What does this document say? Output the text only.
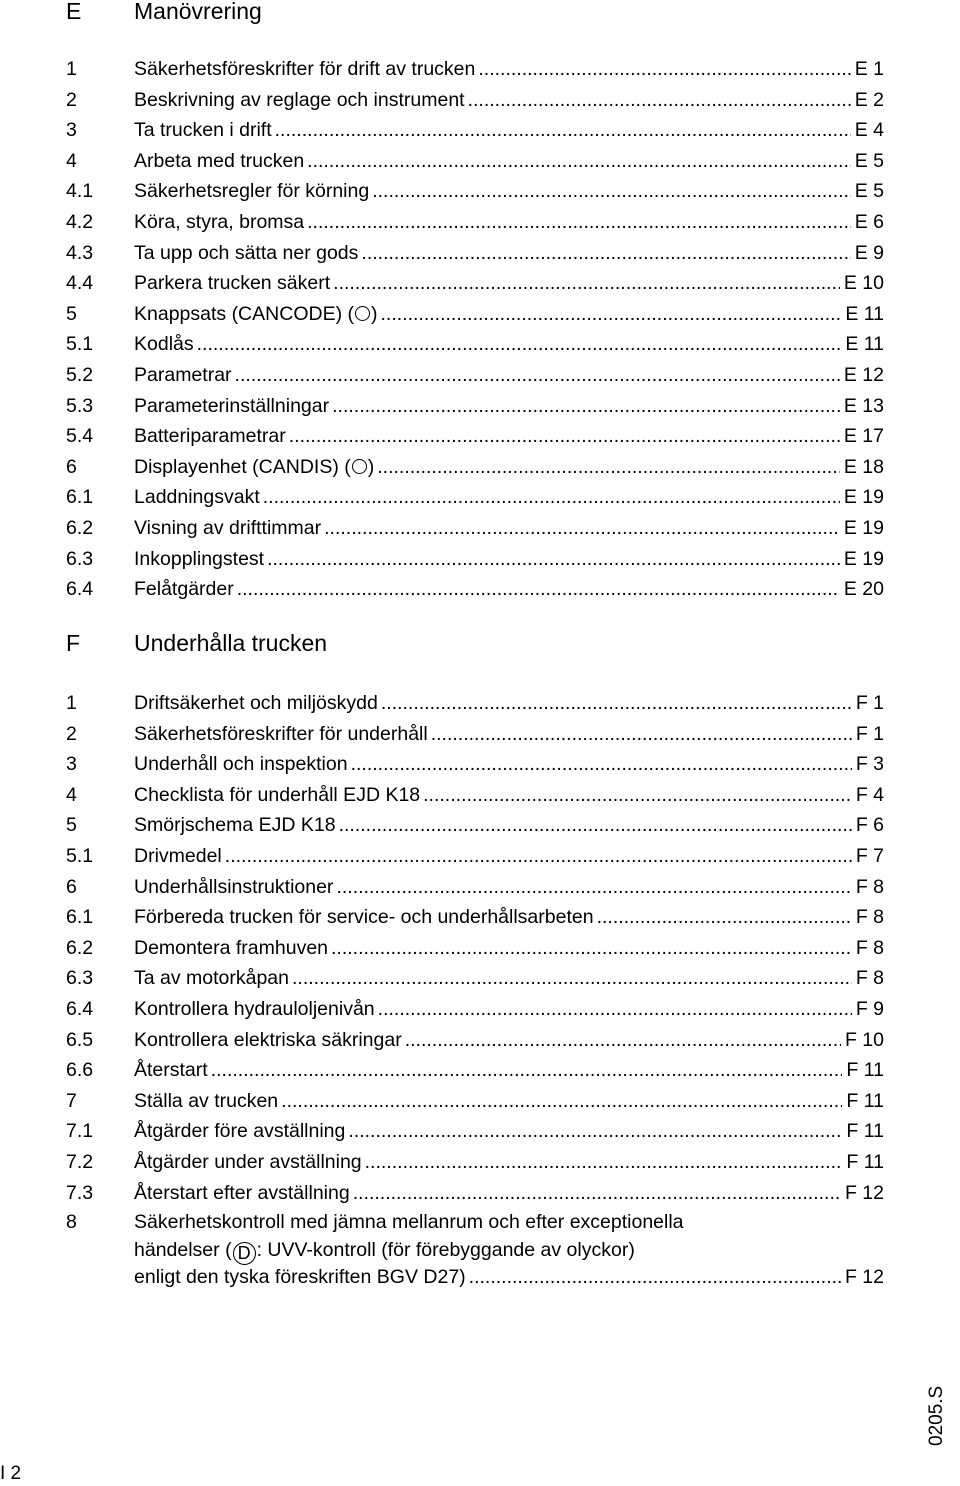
E Manövrering
1	Säkerhetsföreskrifter för drift av trucken .....	E 1
2	Beskrivning av reglage och instrument .....	E 2
3	Ta trucken i drift .....	E 4
4	Arbeta med trucken .....	E 5
4.1 Säkerhetsregler för körning .....	E 5
4.2 Köra, styra, bromsa .....	E 6
4.3 Ta upp och sätta ner gods .....	E 9
4.4 Parkera trucken säkert .....	E 10
5	Knappsats (CANCODE) ( ) .....	E 11
5.1 Kodlås .....	E 11
5.2 Parametrar .....	E 12
5.3 Parameterinställningar .....	E 13
5.4 Batteriparametrar .....	E 17
6	Displayenhet (CANDIS) ( ) .....	E 18
6.1 Laddningsvakt .....	E 19
6.2 Visning av drifttimmar .....	E 19
6.3 Inkopplingstest .....	E 19
6.4 Felåtgärder .....	E 20
F Underhålla trucken
1	Driftsäkerhet och miljöskydd .....	F 1
2	Säkerhetsföreskrifter för underhåll .....	F 1
3	Underhåll och inspektion .....	F 3
4	Checklista för underhåll EJD K18 .....	F 4
5	Smörjschema EJD K18 .....	F 6
5.1 Drivmedel .....	F 7
6	Underhållsinstruktioner .....	F 8
6.1 Förbereda trucken för service- och underhållsarbeten .....	F 8
6.2 Demontera framhuven .....	F 8
6.3 Ta av motorkåpan .....	F 8
6.4 Kontrollera hydrauloljenivån .....	F 9
6.5 Kontrollera elektriska säkringar .....	F 10
6.6 Återstart .....	F 11
7	Ställa av trucken .....	F 11
7.1 Åtgärder före avställning .....	F 11
7.2 Åtgärder under avställning .....	F 11
7.3 Återstart efter avställning .....	F 12
8	Säkerhetskontroll med jämna mellanrum och efter exceptionella
händelser ( D : UVV-kontroll (för förebyggande av olyckor)
enligt den tyska föreskriften BGV D27) .....	F 12
0205.S
I 2
